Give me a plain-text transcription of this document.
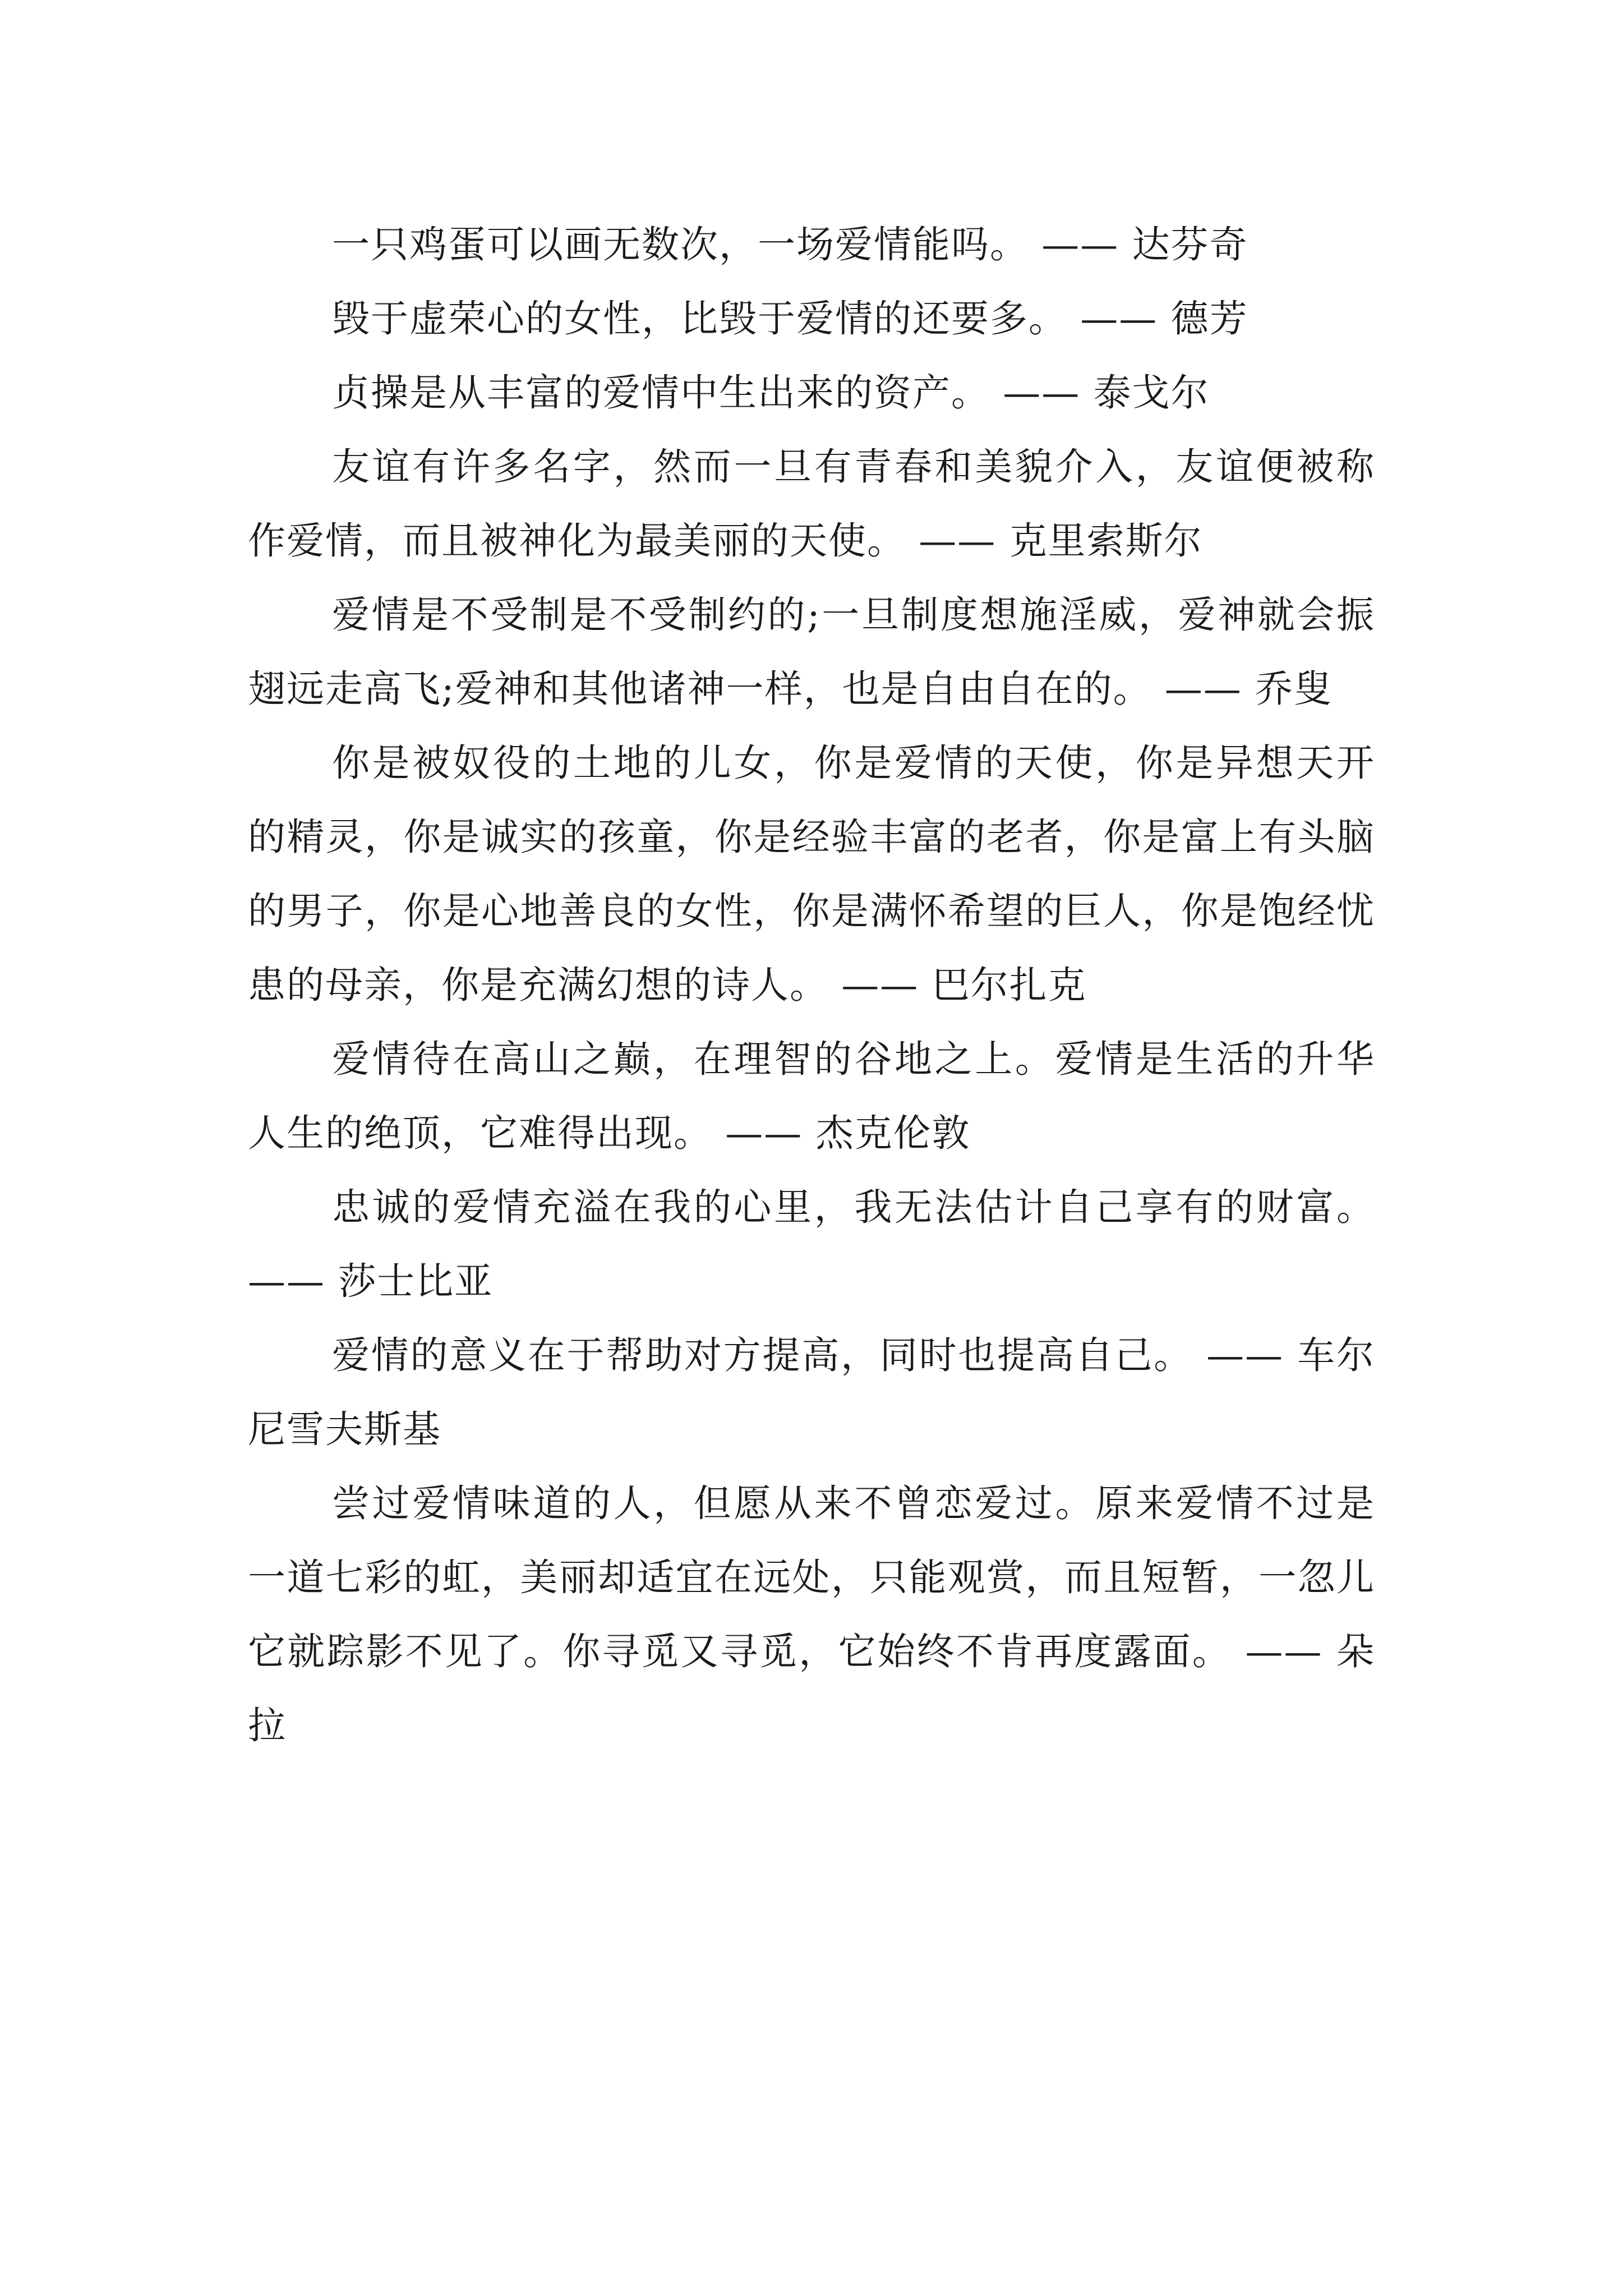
一只鸡蛋可以画无数次，一场爱情能吗。 —— 达芬奇

毁于虚荣心的女性，比毁于爱情的还要多。 —— 德芳

贞操是从丰富的爱情中生出来的资产。 —— 泰戈尔

友谊有许多名字，然而一旦有青春和美貌介入，友谊便被称作爱情，而且被神化为最美丽的天使。 —— 克里索斯尔

爱情是不受制是不受制约的;一旦制度想施淫威，爱神就会振翅远走高飞;爱神和其他诸神一样，也是自由自在的。 —— 乔叟

你是被奴役的土地的儿女，你是爱情的天使，你是异想天开的精灵，你是诚实的孩童，你是经验丰富的老者，你是富上有头脑的男子，你是心地善良的女性，你是满怀希望的巨人，你是饱经忧患的母亲，你是充满幻想的诗人。 —— 巴尔扎克

爱情待在高山之巅，在理智的谷地之上。爱情是生活的升华人生的绝顶，它难得出现。 —— 杰克伦敦

忠诚的爱情充溢在我的心里，我无法估计自己享有的财富。 —— 莎士比亚

爱情的意义在于帮助对方提高，同时也提高自己。 —— 车尔尼雪夫斯基

尝过爱情味道的人，但愿从来不曾恋爱过。原来爱情不过是一道七彩的虹，美丽却适宜在远处，只能观赏，而且短暂，一忽儿它就踪影不见了。你寻觅又寻觅，它始终不肯再度露面。 —— 朵拉
